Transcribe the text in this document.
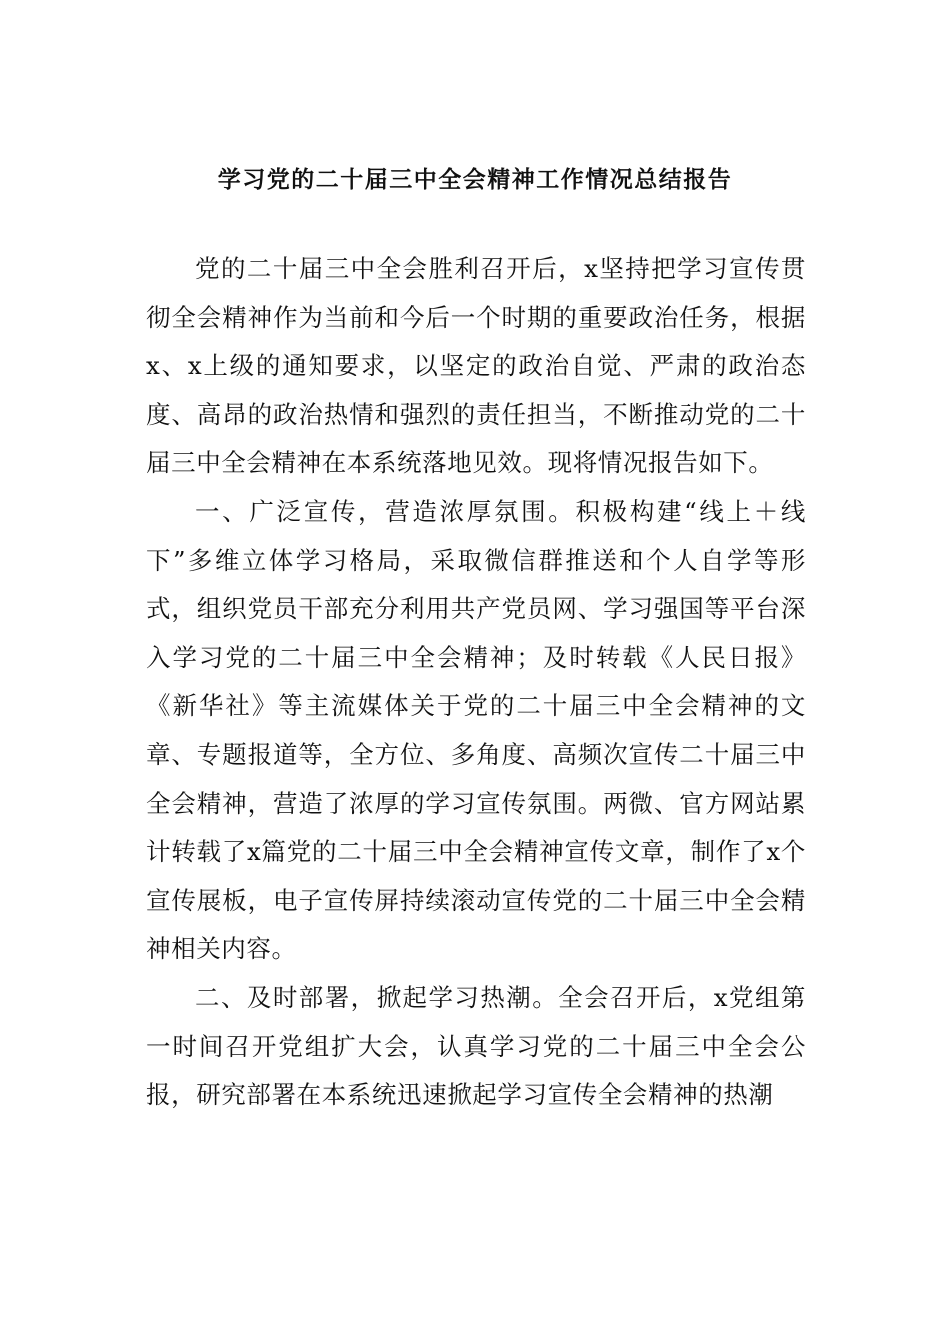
学习党的二十届三中全会精神工作情况总结报告

党的二十届三中全会胜利召开后，x坚持把学习宣传贯彻全会精神作为当前和今后一个时期的重要政治任务，根据x、x上级的通知要求，以坚定的政治自觉、严肃的政治态度、高昂的政治热情和强烈的责任担当，不断推动党的二十届三中全会精神在本系统落地见效。现将情况报告如下。

一、广泛宣传，营造浓厚氛围。积极构建“线上＋线下”多维立体学习格局，采取微信群推送和个人自学等形式，组织党员干部充分利用共产党员网、学习强国等平台深入学习党的二十届三中全会精神；及时转载《人民日报》《新华社》等主流媒体关于党的二十届三中全会精神的文章、专题报道等，全方位、多角度、高频次宣传二十届三中全会精神，营造了浓厚的学习宣传氛围。两微、官方网站累计转载了x篇党的二十届三中全会精神宣传文章，制作了x个宣传展板，电子宣传屏持续滚动宣传党的二十届三中全会精神相关内容。

二、及时部署，掀起学习热潮。全会召开后，x党组第一时间召开党组扩大会，认真学习党的二十届三中全会公报，研究部署在本系统迅速掀起学习宣传全会精神的热潮
